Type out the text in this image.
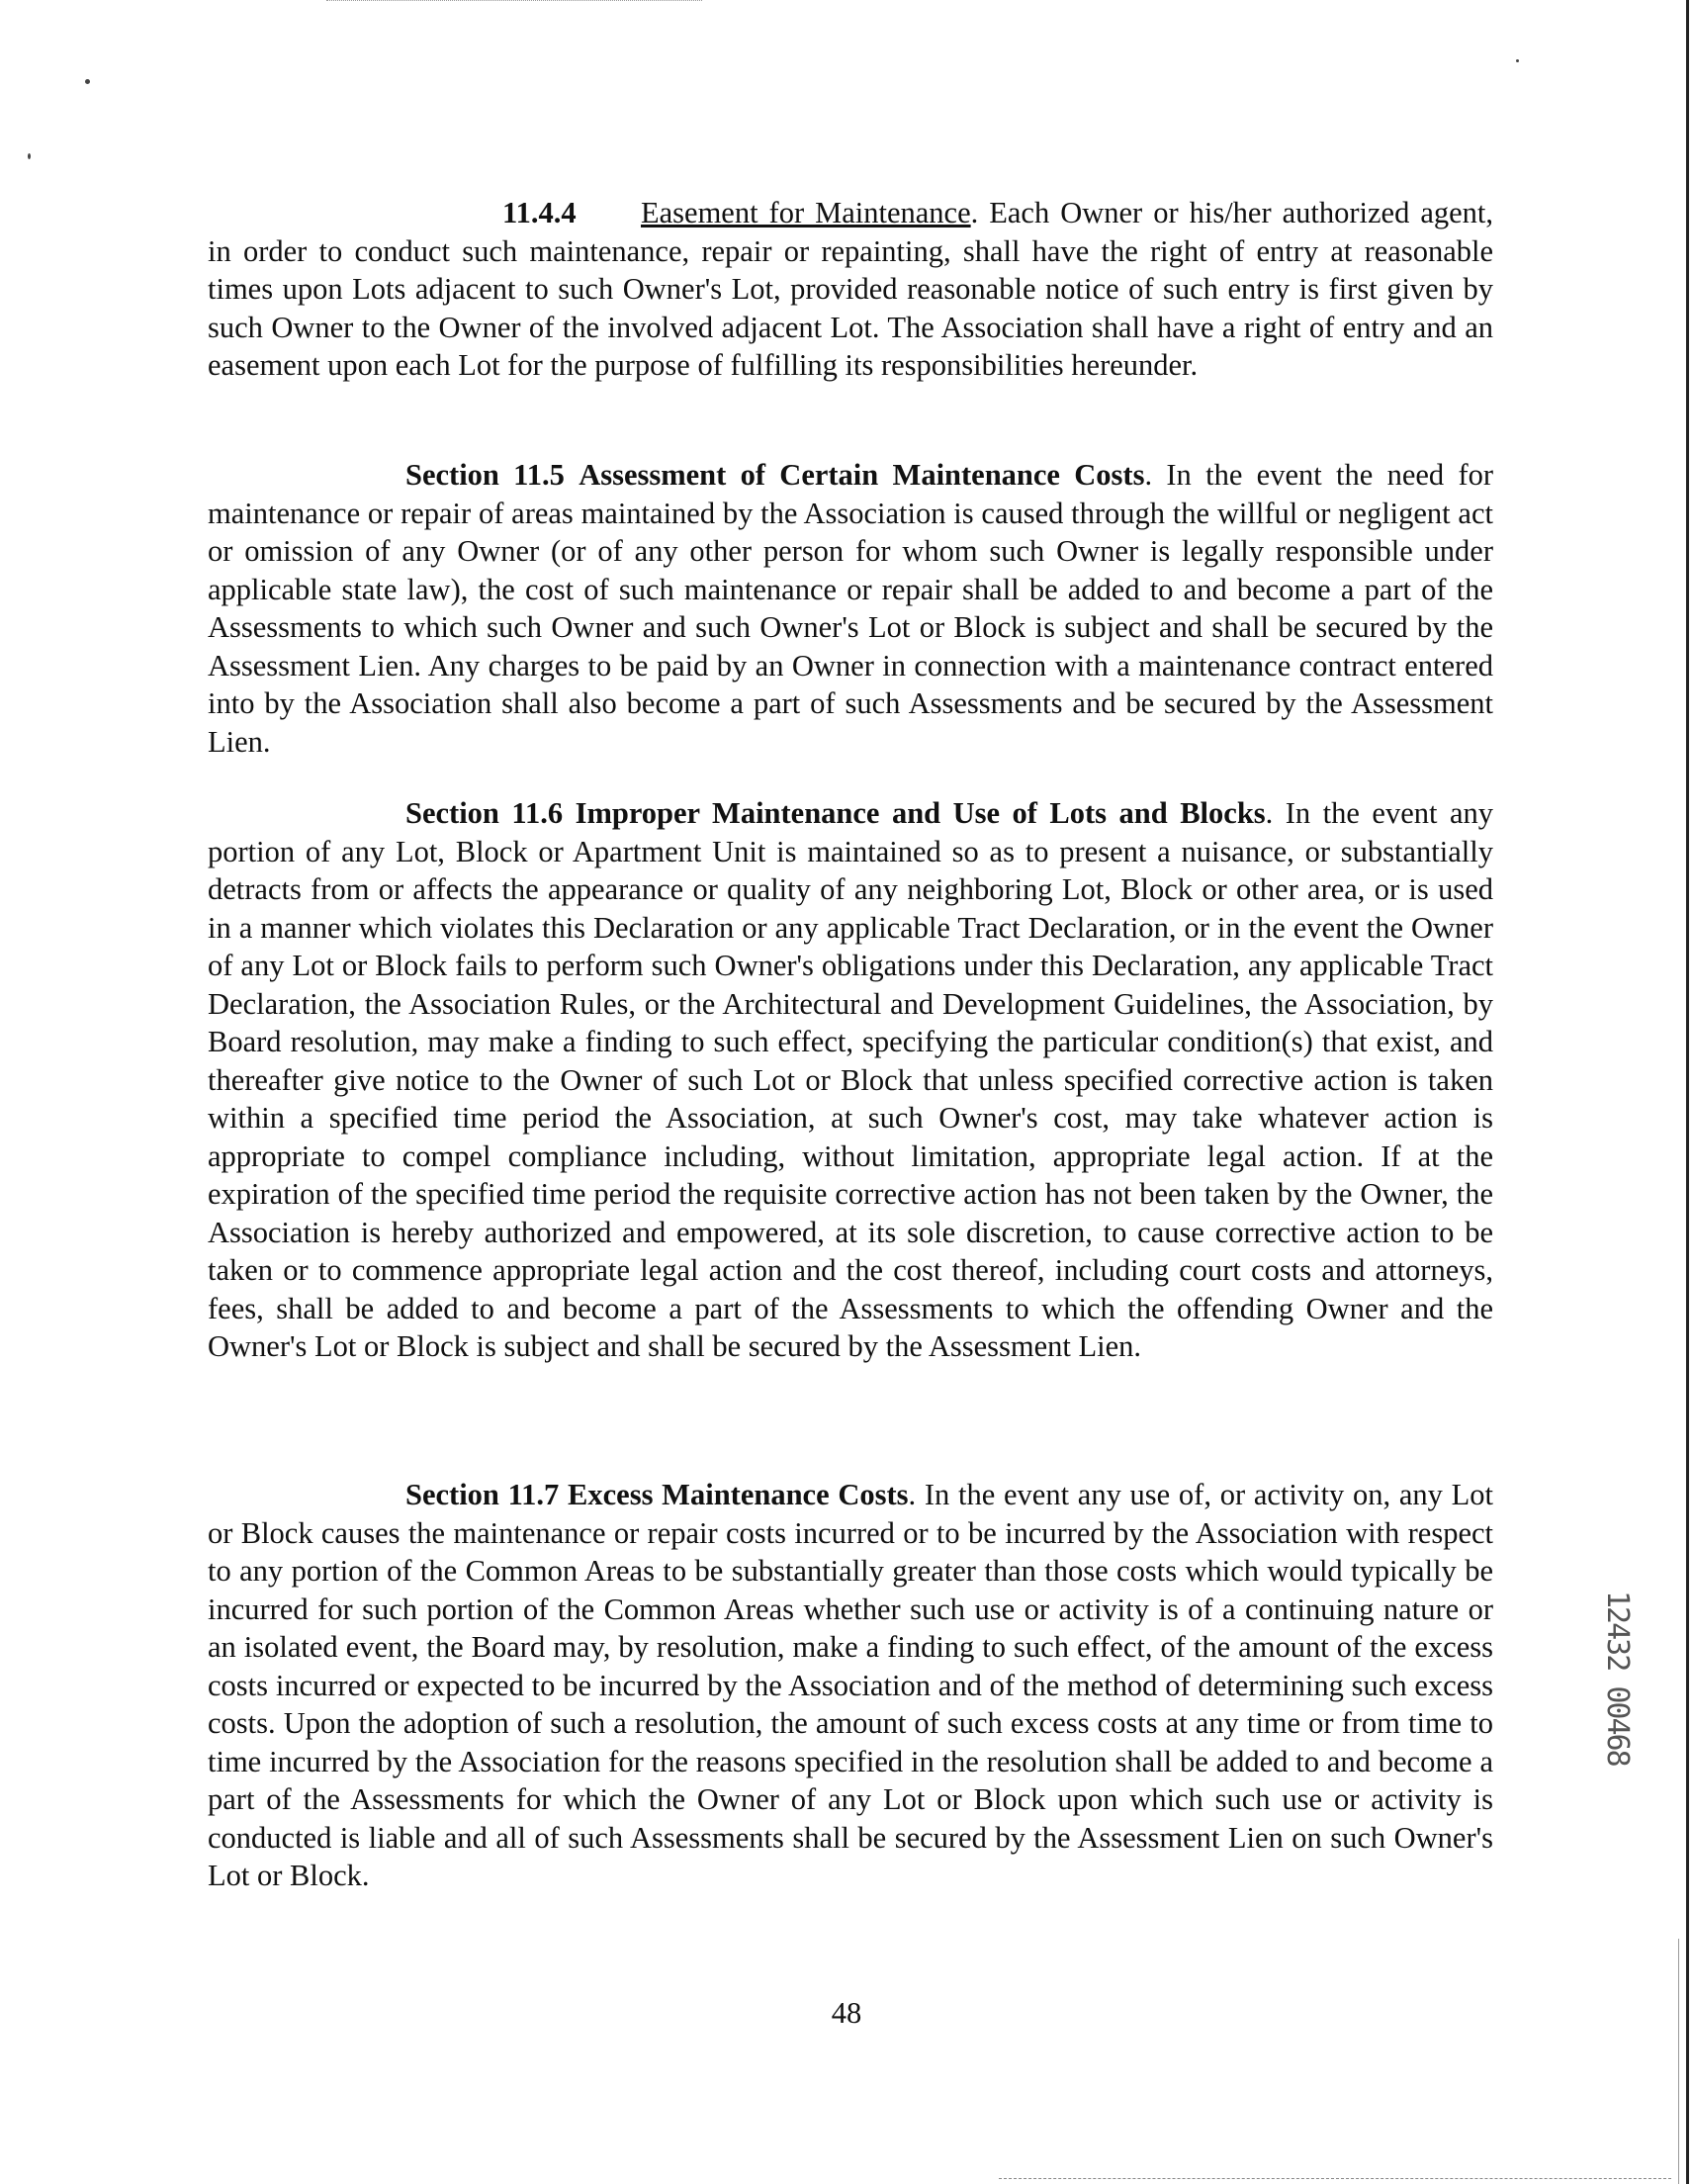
11.4.4 Easement for Maintenance. Each Owner or his/her authorized agent, in order to conduct such maintenance, repair or repainting, shall have the right of entry at reasonable times upon Lots adjacent to such Owner's Lot, provided reasonable notice of such entry is first given by such Owner to the Owner of the involved adjacent Lot. The Association shall have a right of entry and an easement upon each Lot for the purpose of fulfilling its responsibilities hereunder.

Section 11.5 Assessment of Certain Maintenance Costs. In the event the need for maintenance or repair of areas maintained by the Association is caused through the willful or negligent act or omission of any Owner (or of any other person for whom such Owner is legally responsible under applicable state law), the cost of such maintenance or repair shall be added to and become a part of the Assessments to which such Owner and such Owner's Lot or Block is subject and shall be secured by the Assessment Lien. Any charges to be paid by an Owner in connection with a maintenance contract entered into by the Association shall also become a part of such Assessments and be secured by the Assessment Lien.

Section 11.6 Improper Maintenance and Use of Lots and Blocks. In the event any portion of any Lot, Block or Apartment Unit is maintained so as to present a nuisance, or substantially detracts from or affects the appearance or quality of any neighboring Lot, Block or other area, or is used in a manner which violates this Declaration or any applicable Tract Declaration, or in the event the Owner of any Lot or Block fails to perform such Owner's obligations under this Declaration, any applicable Tract Declaration, the Association Rules, or the Architectural and Development Guidelines, the Association, by Board resolution, may make a finding to such effect, specifying the particular condition(s) that exist, and thereafter give notice to the Owner of such Lot or Block that unless specified corrective action is taken within a specified time period the Association, at such Owner's cost, may take whatever action is appropriate to compel compliance including, without limitation, appropriate legal action. If at the expiration of the specified time period the requisite corrective action has not been taken by the Owner, the Association is hereby authorized and empowered, at its sole discretion, to cause corrective action to be taken or to commence appropriate legal action and the cost thereof, including court costs and attorneys, fees, shall be added to and become a part of the Assessments to which the offending Owner and the Owner's Lot or Block is subject and shall be secured by the Assessment Lien.

Section 11.7 Excess Maintenance Costs. In the event any use of, or activity on, any Lot or Block causes the maintenance or repair costs incurred or to be incurred by the Association with respect to any portion of the Common Areas to be substantially greater than those costs which would typically be incurred for such portion of the Common Areas whether such use or activity is of a continuing nature or an isolated event, the Board may, by resolution, make a finding to such effect, of the amount of the excess costs incurred or expected to be incurred by the Association and of the method of determining such excess costs. Upon the adoption of such a resolution, the amount of such excess costs at any time or from time to time incurred by the Association for the reasons specified in the resolution shall be added to and become a part of the Assessments for which the Owner of any Lot or Block upon which such use or activity is conducted is liable and all of such Assessments shall be secured by the Assessment Lien on such Owner's Lot or Block.

48
12432 00468
